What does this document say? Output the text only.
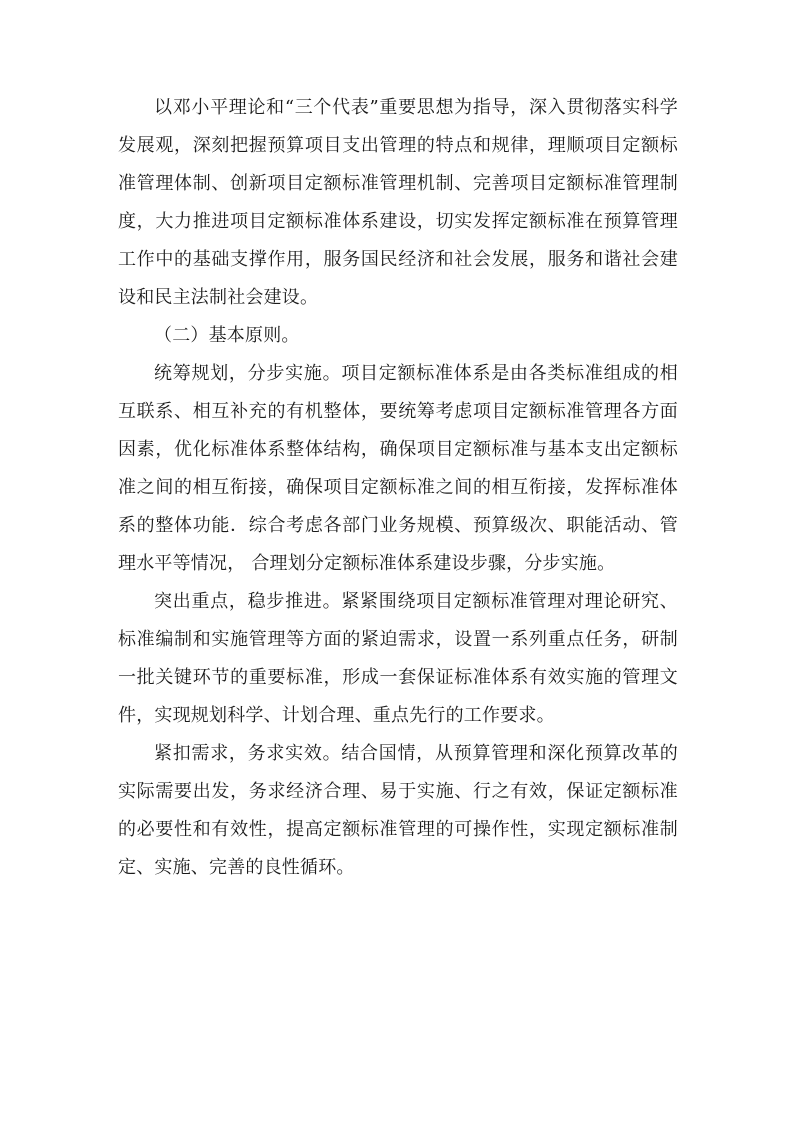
以邓小平理论和“三个代表”重要思想为指导，深入贯彻落实科学发展观，深刻把握预算项目支出管理的特点和规律，理顺项目定额标准管理体制、创新项目定额标准管理机制、完善项目定额标准管理制度，大力推进项目定额标准体系建设，切实发挥定额标准在预算管理工作中的基础支撑作用，服务国民经济和社会发展，服务和谐社会建设和民主法制社会建设。

（二）基本原则。

统筹规划，分步实施。项目定额标准体系是由各类标准组成的相互联系、相互补充的有机整体，要统筹考虑项目定额标准管理各方面因素，优化标准体系整体结构，确保项目定额标准与基本支出定额标准之间的相互衔接，确保项目定额标准之间的相互衔接，发挥标准体系的整体功能．综合考虑各部门业务规模、预算级次、职能活动、管理水平等情况， 合理划分定额标准体系建设步骤，分步实施。

突出重点，稳步推进。紧紧围绕项目定额标准管理对理论研究、标准编制和实施管理等方面的紧迫需求，设置一系列重点任务，研制一批关键环节的重要标准，形成一套保证标准体系有效实施的管理文件，实现规划科学、计划合理、重点先行的工作要求。

紧扣需求，务求实效。结合国情，从预算管理和深化预算改革的实际需要出发，务求经济合理、易于实施、行之有效，保证定额标准的必要性和有效性，提高定额标准管理的可操作性，实现定额标准制定、实施、完善的良性循环。
